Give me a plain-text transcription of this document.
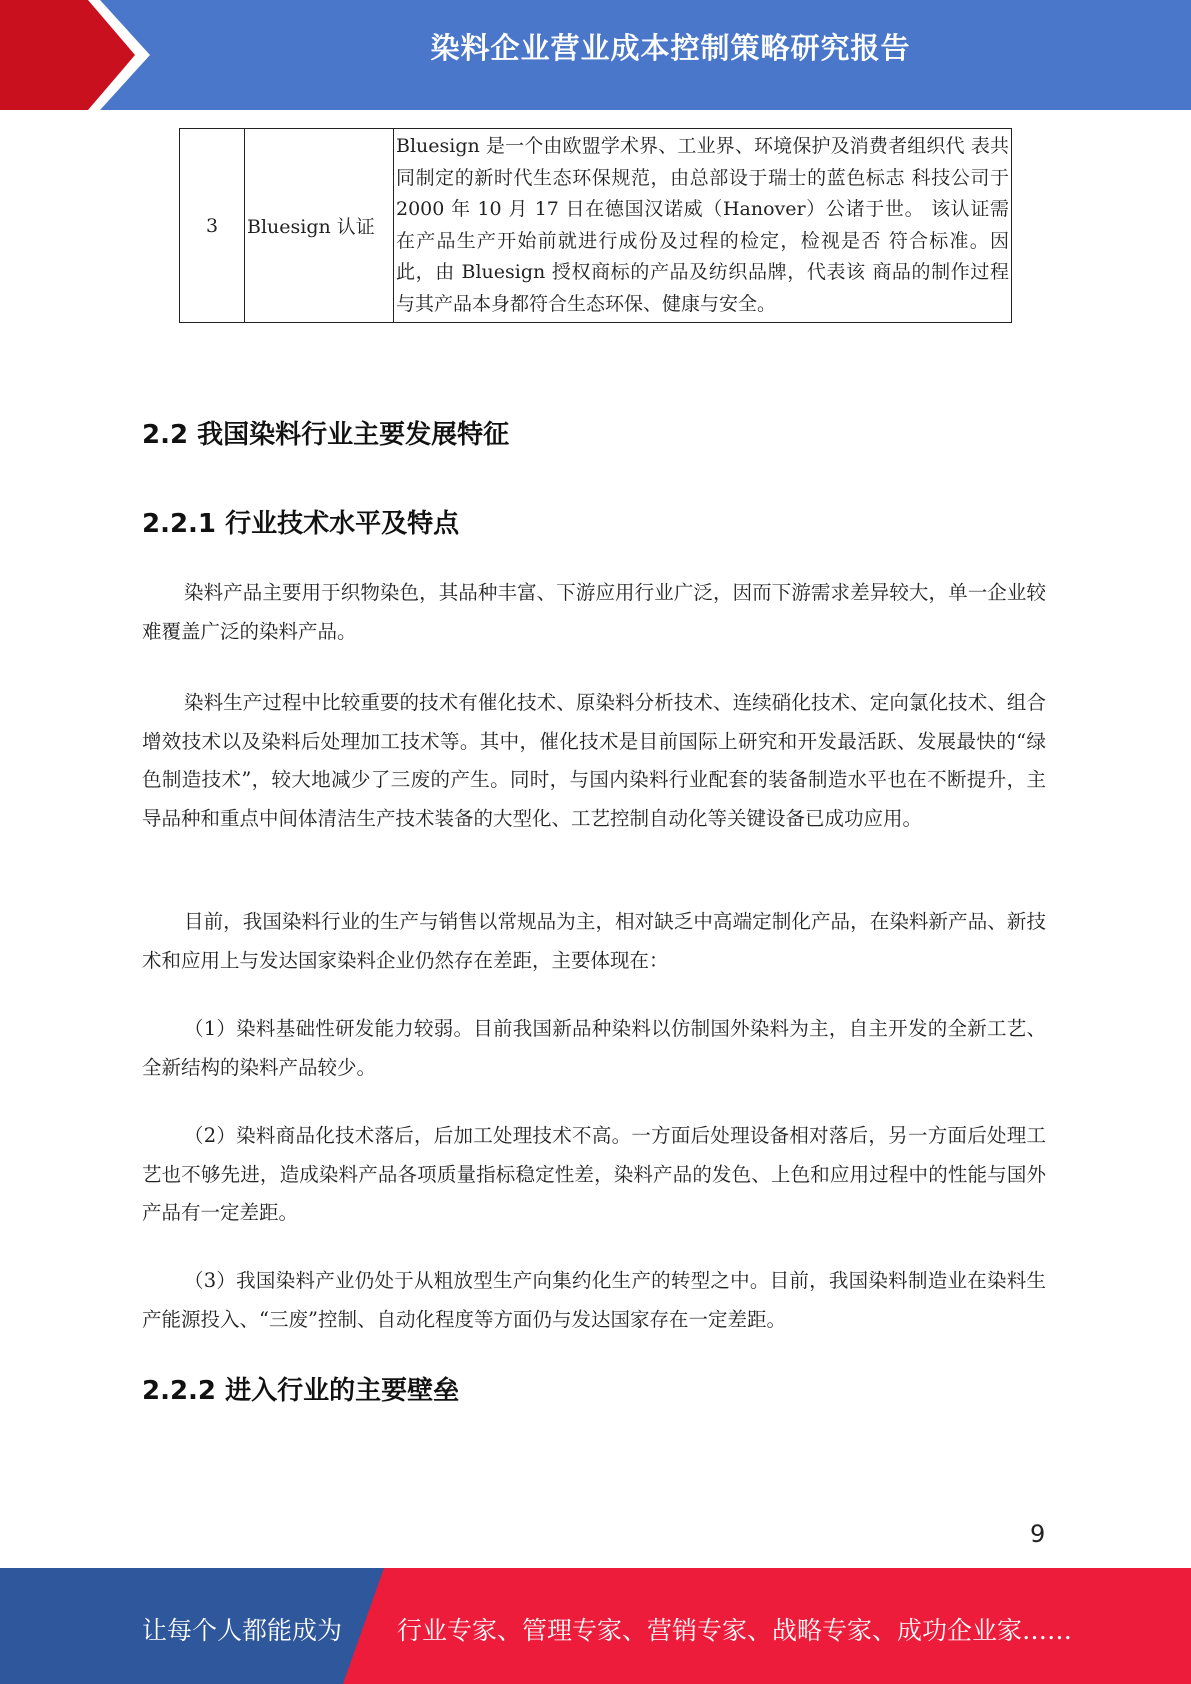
染料企业营业成本控制策略研究报告
3	Bluesign 认证	Bluesign 是一个由欧盟学术界、工业界、环境保护及消费者组织代 表共同制定的新时代生态环保规范，由总部设于瑞士的蓝色标志 科技公司于 2000 年 10 月 17 日在德国汉诺威（Hanover）公诸于世。 该认证需在产品生产开始前就进行成份及过程的检定，检视是否 符合标准。因此，由 Bluesign 授权商标的产品及纺织品牌，代表该 商品的制作过程与其产品本身都符合生态环保、健康与安全。
2.2 我国染料行业主要发展特征
2.2.1 行业技术水平及特点

染料产品主要用于织物染色，其品种丰富、下游应用行业广泛，因而下游需求差异较大，单一企业较难覆盖广泛的染料产品。

染料生产过程中比较重要的技术有催化技术、原染料分析技术、连续硝化技术、定向氯化技术、组合增效技术以及染料后处理加工技术等。其中，催化技术是目前国际上研究和开发最活跃、发展最快的“绿色制造技术”，较大地减少了三废的产生。同时，与国内染料行业配套的装备制造水平也在不断提升，主导品种和重点中间体清洁生产技术装备的大型化、工艺控制自动化等关键设备已成功应用。

目前，我国染料行业的生产与销售以常规品为主，相对缺乏中高端定制化产品，在染料新产品、新技术和应用上与发达国家染料企业仍然存在差距，主要体现在：

（1）染料基础性研发能力较弱。目前我国新品种染料以仿制国外染料为主，自主开发的全新工艺、全新结构的染料产品较少。

（2）染料商品化技术落后，后加工处理技术不高。一方面后处理设备相对落后，另一方面后处理工艺也不够先进，造成染料产品各项质量指标稳定性差，染料产品的发色、上色和应用过程中的性能与国外产品有一定差距。

（3）我国染料产业仍处于从粗放型生产向集约化生产的转型之中。目前，我国染料制造业在染料生产能源投入、“三废”控制、自动化程度等方面仍与发达国家存在一定差距。

2.2.2 进入行业的主要壁垒
9
让每个人都能成为 行业专家、管理专家、营销专家、战略专家、成功企业家……
